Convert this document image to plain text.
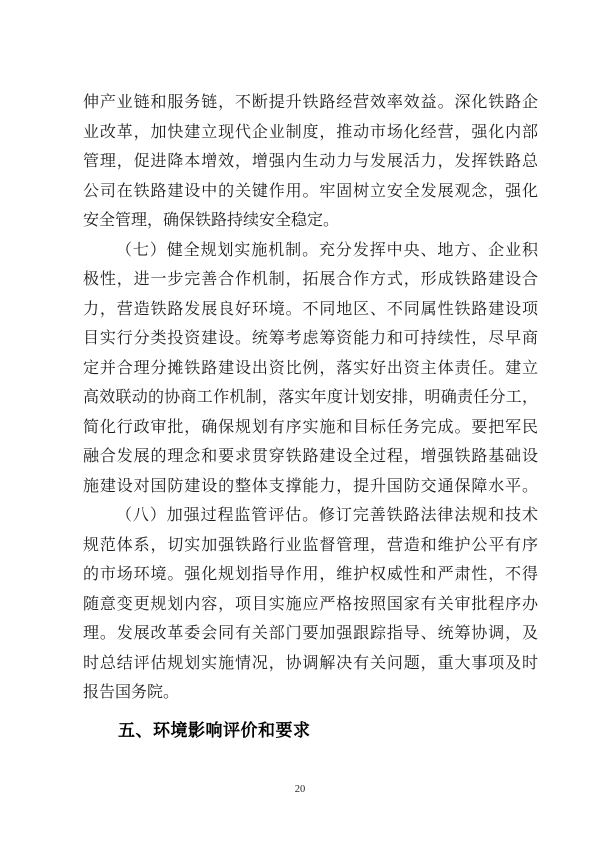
伸产业链和服务链，不断提升铁路经营效率效益。深化铁路企
业改革，加快建立现代企业制度，推动市场化经营，强化内部
管理，促进降本增效，增强内生动力与发展活力，发挥铁路总
公司在铁路建设中的关键作用。牢固树立安全发展观念，强化
安全管理，确保铁路持续安全稳定。
（七）健全规划实施机制。充分发挥中央、地方、企业积
极性，进一步完善合作机制，拓展合作方式，形成铁路建设合
力，营造铁路发展良好环境。不同地区、不同属性铁路建设项
目实行分类投资建设。统筹考虑筹资能力和可持续性，尽早商
定并合理分摊铁路建设出资比例，落实好出资主体责任。建立
高效联动的协商工作机制，落实年度计划安排，明确责任分工，
简化行政审批，确保规划有序实施和目标任务完成。要把军民
融合发展的理念和要求贯穿铁路建设全过程，增强铁路基础设
施建设对国防建设的整体支撑能力，提升国防交通保障水平。
（八）加强过程监管评估。修订完善铁路法律法规和技术
规范体系，切实加强铁路行业监督管理，营造和维护公平有序
的市场环境。强化规划指导作用，维护权威性和严肃性，不得
随意变更规划内容，项目实施应严格按照国家有关审批程序办
理。发展改革委会同有关部门要加强跟踪指导、统筹协调，及
时总结评估规划实施情况，协调解决有关问题，重大事项及时
报告国务院。
五、环境影响评价和要求
20
